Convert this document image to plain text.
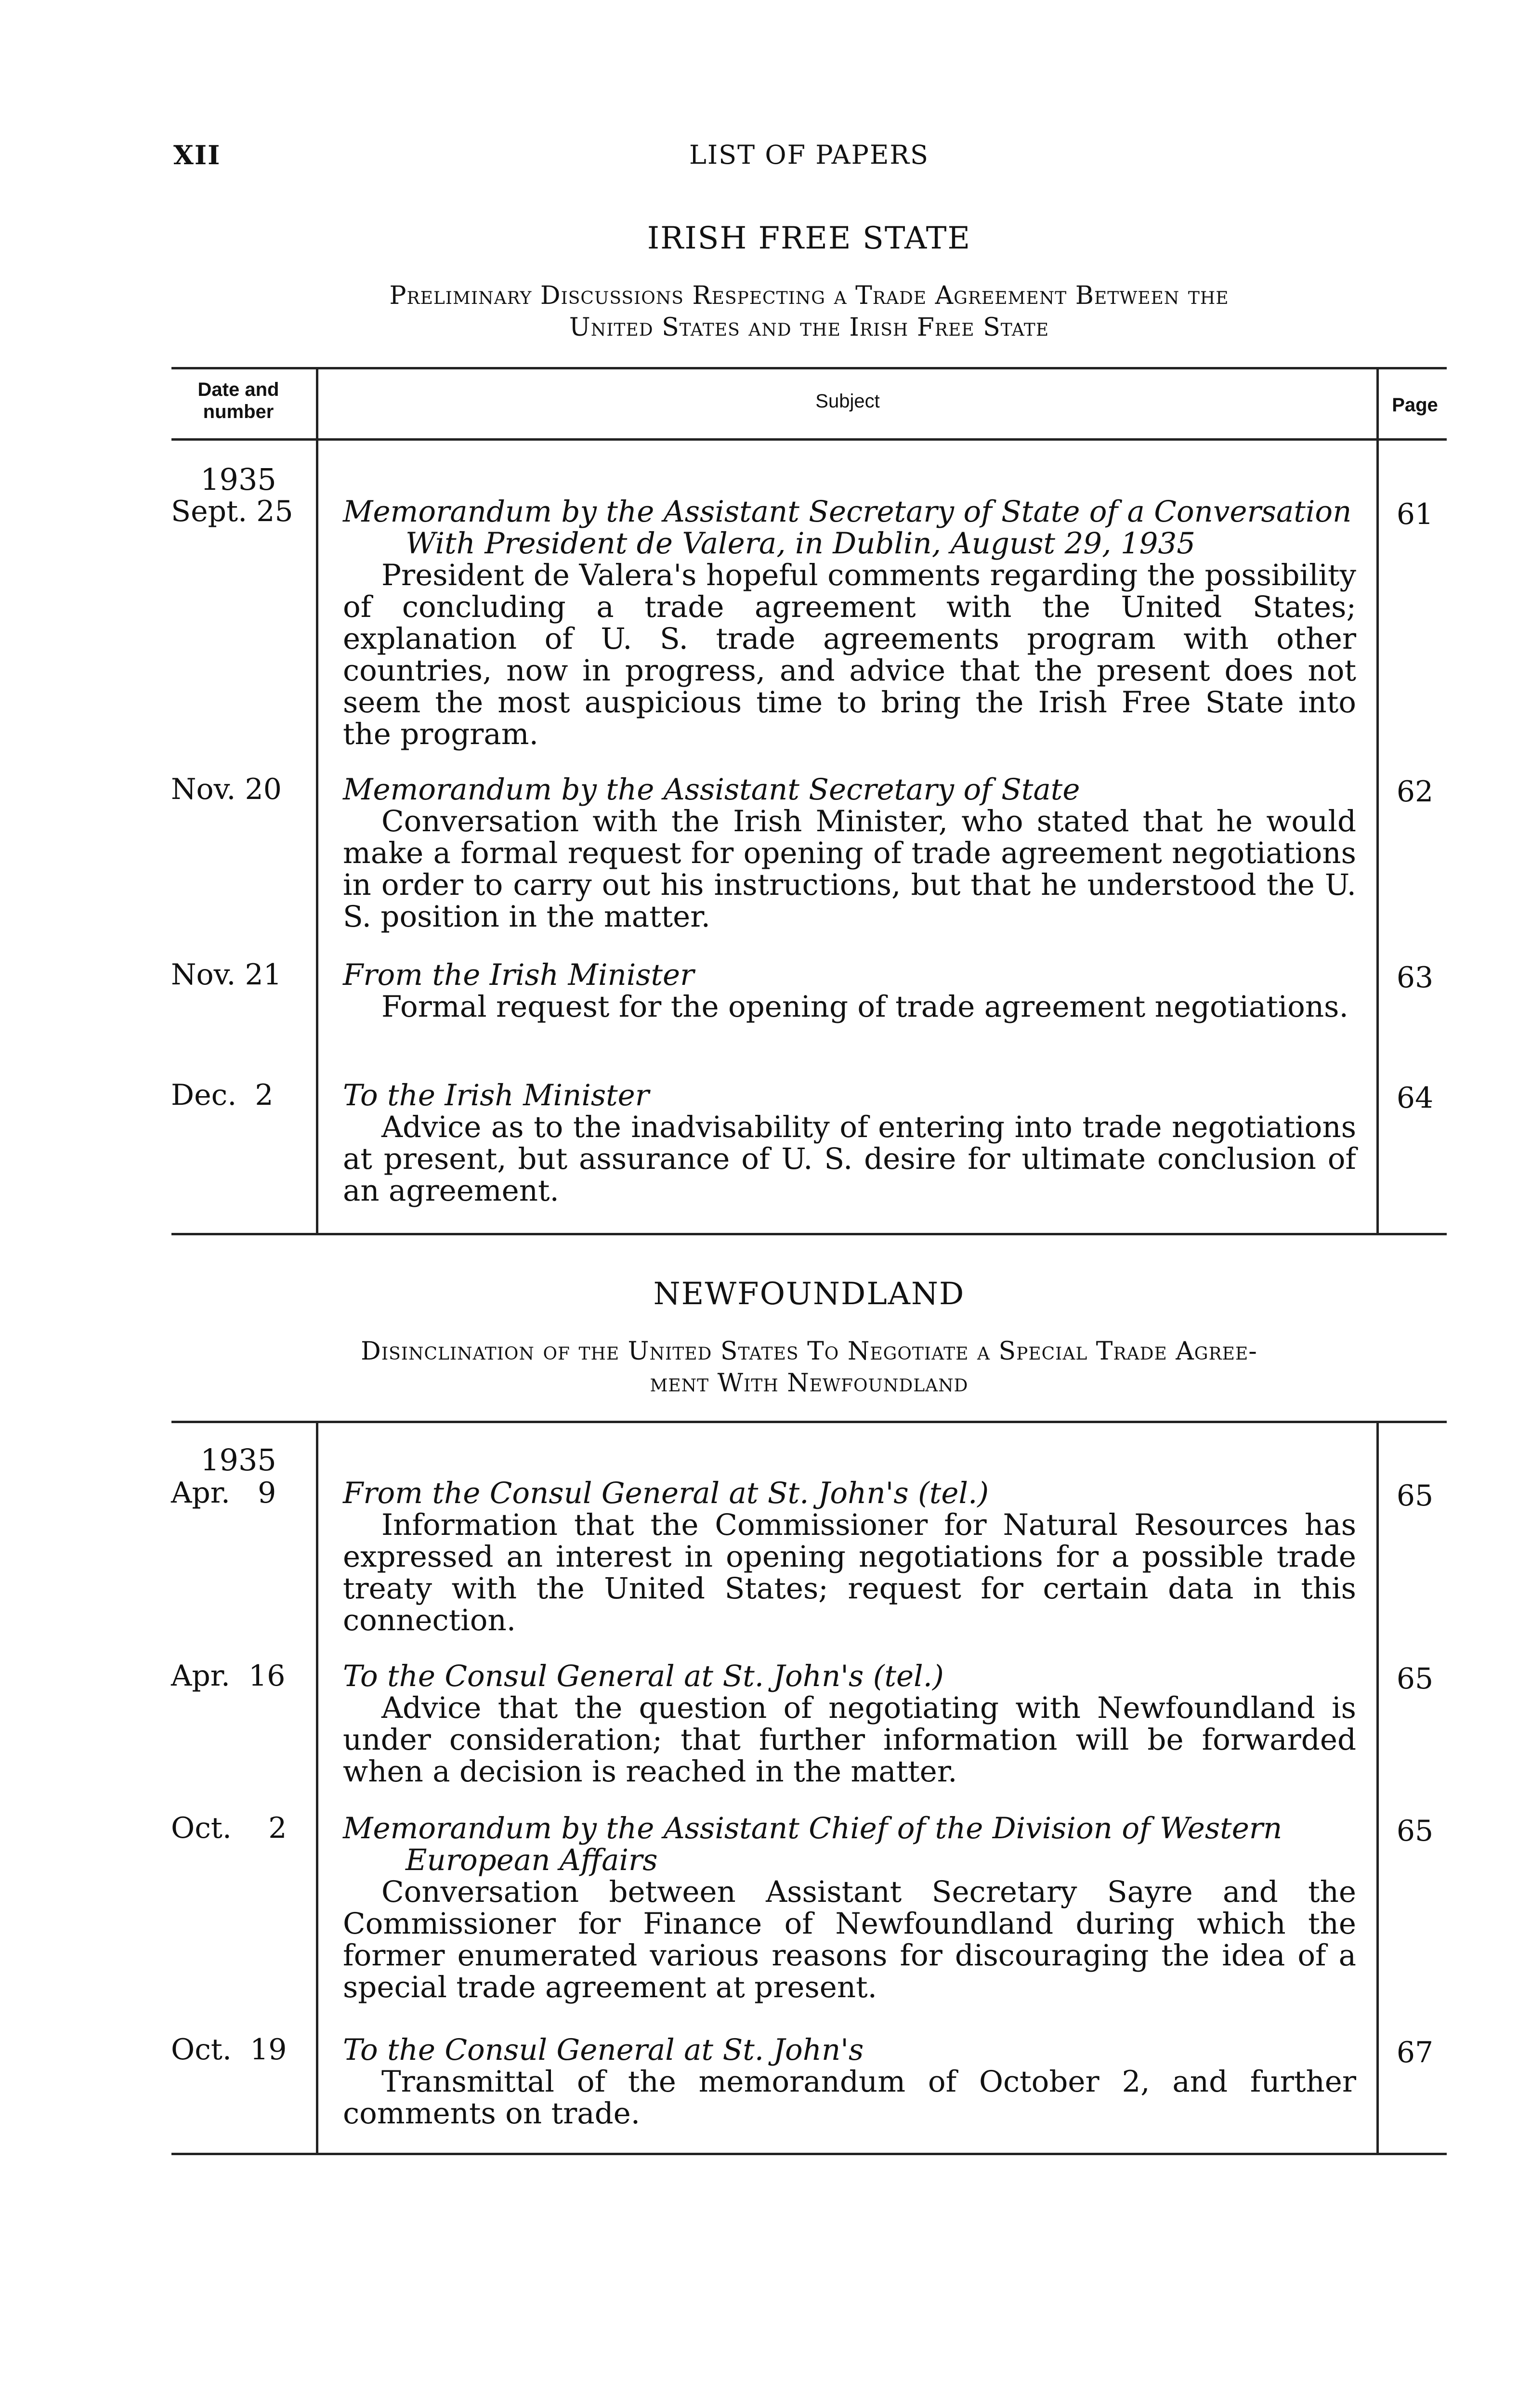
XII	LIST OF PAPERS
IRISH FREE STATE
Preliminary Discussions Respecting a Trade Agreement Between the
United States and the Irish Free State
Date and number	Subject	Page
1935
Sept. 25 Memorandum by the Assistant Secretary of State of a Conversation
With President de Valera, in Dublin, August 29, 1935
President de Valera's hopeful comments regarding the possibility of concluding a trade agreement with the United States; explanation of U. S. trade agreements program with other countries, now in progress, and advice that the present does not seem the most auspicious time to bring the Irish Free State into the program.
61
Nov. 20	Memorandum by the Assistant Secretary of State
Conversation with the Irish Minister, who stated that he would make a formal request for opening of trade agreement negotiations in order to carry out his instructions, but that he understood the U. S. position in the matter.
62
Nov. 21	From the Irish Minister
Formal request for the opening of trade agreement negotiations.
63
Dec.  2	To the Irish Minister
Advice as to the inadvisability of entering into trade negotiations at present, but assurance of U. S. desire for ultimate conclusion of an agreement.
64
NEWFOUNDLAND
Disinclination of the United States To Negotiate a Special Trade Agree-
ment With Newfoundland
1935
Apr.   9	From the Consul General at St. John's (tel.)
Information that the Commissioner for Natural Resources has expressed an interest in opening negotiations for a possible trade treaty with the United States; request for certain data in this connection.
65
Apr.  16	To the Consul General at St. John's (tel.)
Advice that the question of negotiating with Newfoundland is under consideration; that further information will be forwarded when a decision is reached in the matter.
65
Oct.    2	Memorandum by the Assistant Chief of the Division of Western
European Affairs
Conversation between Assistant Secretary Sayre and the Commissioner for Finance of Newfoundland during which the former enumerated various reasons for discouraging the idea of a special trade agreement at present.
65
Oct.  19	To the Consul General at St. John's
Transmittal of the memorandum of October 2, and further comments on trade.
67
